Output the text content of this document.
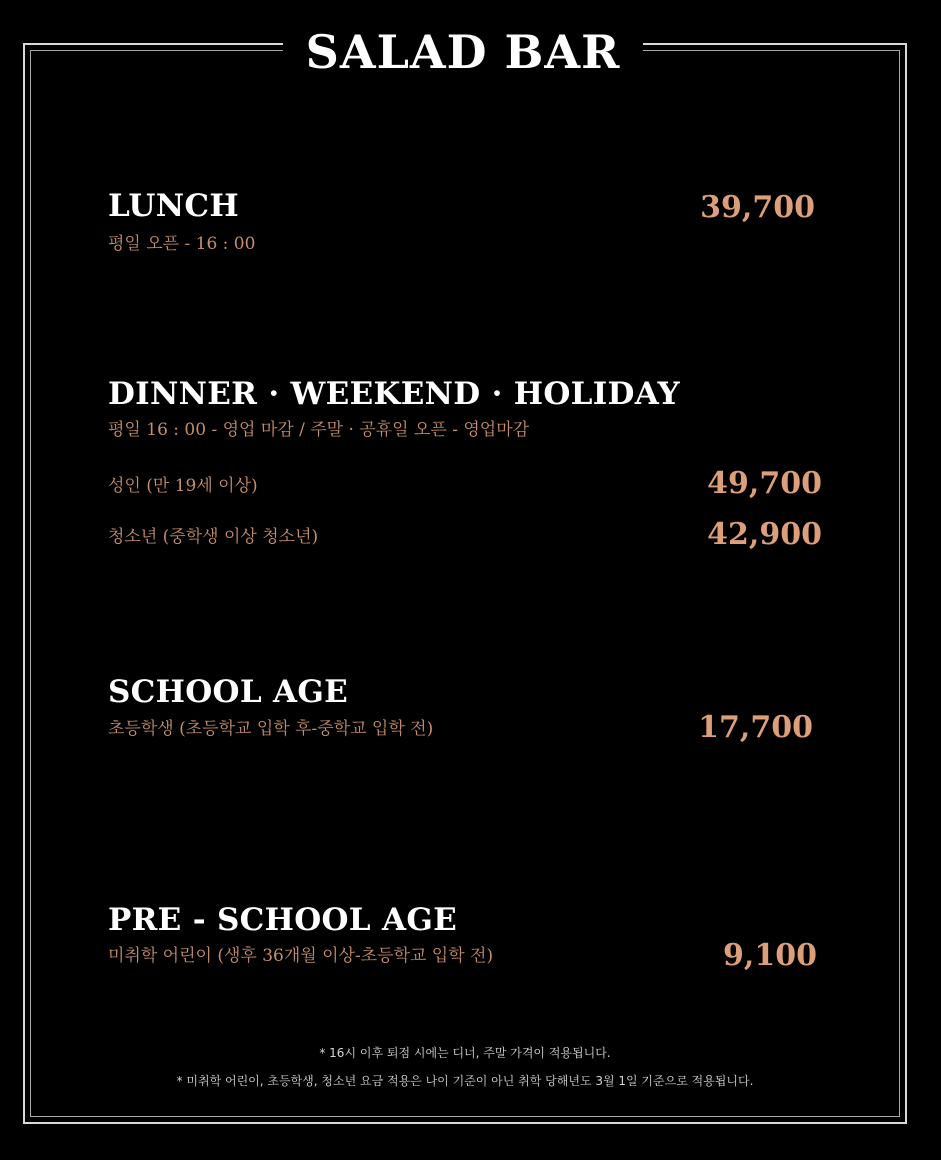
SALAD BAR
LUNCH
평일 오픈 - 16 : 00
39,700
DINNER · WEEKEND · HOLIDAY
평일 16 : 00 - 영업 마감 / 주말 · 공휴일 오픈 - 영업마감
성인 (만 19세 이상)	49,700
청소년 (중학생 이상 청소년)	42,900
SCHOOL AGE
초등학생 (초등학교 입학 후-중학교 입학 전)	17,700
PRE - SCHOOL AGE
미취학 어린이 (생후 36개월 이상-초등학교 입학 전)	9,100
* 16시 이후 퇴점 시에는 디너, 주말 가격이 적용됩니다.
* 미취학 어린이, 초등학생, 청소년 요금 적용은 나이 기준이 아닌 취학 당해년도 3월 1일 기준으로 적용됩니다.
